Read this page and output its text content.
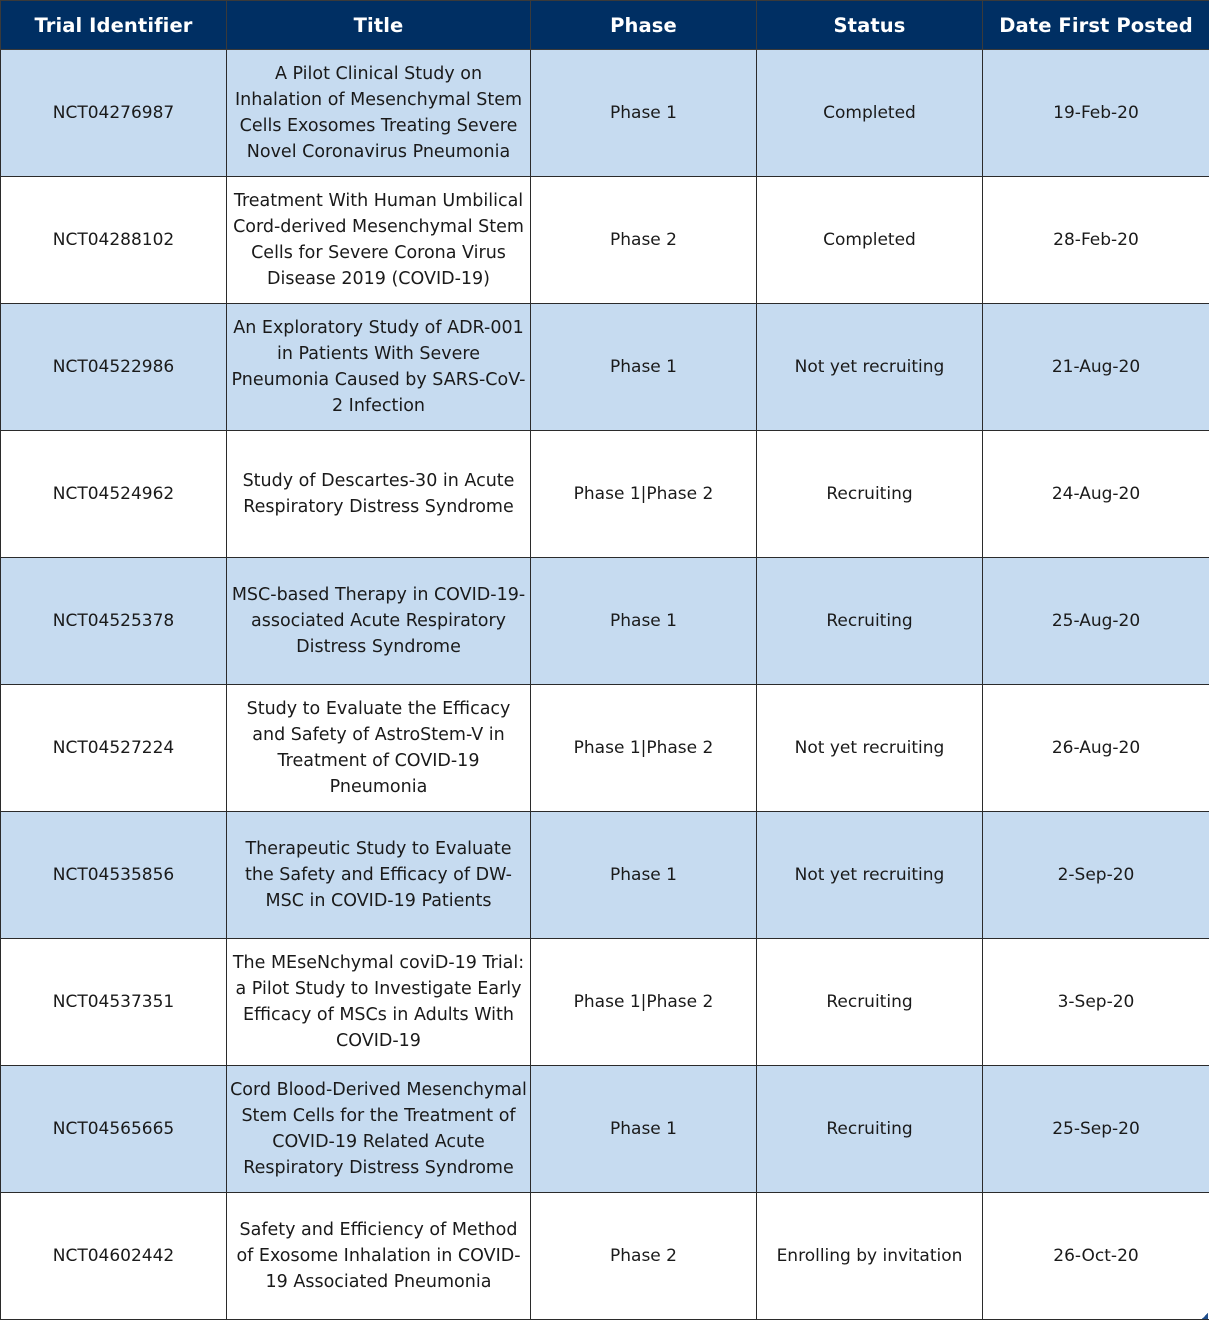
Trial Identifier	Title	Phase	Status	Date First Posted
NCT04276987	A Pilot Clinical Study on Inhalation of Mesenchymal Stem Cells Exosomes Treating Severe Novel Coronavirus Pneumonia	Phase 1	Completed	19-Feb-20
NCT04288102	Treatment With Human Umbilical Cord-derived Mesenchymal Stem Cells for Severe Corona Virus Disease 2019 (COVID-19)	Phase 2	Completed	28-Feb-20
NCT04522986	An Exploratory Study of ADR-001 in Patients With Severe Pneumonia Caused by SARS-CoV-2 Infection	Phase 1	Not yet recruiting	21-Aug-20
NCT04524962	Study of Descartes-30 in Acute Respiratory Distress Syndrome	Phase 1|Phase 2	Recruiting	24-Aug-20
NCT04525378	MSC-based Therapy in COVID-19-associated Acute Respiratory Distress Syndrome	Phase 1	Recruiting	25-Aug-20
NCT04527224	Study to Evaluate the Efficacy and Safety of AstroStem-V in Treatment of COVID-19 Pneumonia	Phase 1|Phase 2	Not yet recruiting	26-Aug-20
NCT04535856	Therapeutic Study to Evaluate the Safety and Efficacy of DW-MSC in COVID-19 Patients	Phase 1	Not yet recruiting	2-Sep-20
NCT04537351	The MEseNchymal coviD-19 Trial: a Pilot Study to Investigate Early Efficacy of MSCs in Adults With COVID-19	Phase 1|Phase 2	Recruiting	3-Sep-20
NCT04565665	Cord Blood-Derived Mesenchymal Stem Cells for the Treatment of COVID-19 Related Acute Respiratory Distress Syndrome	Phase 1	Recruiting	25-Sep-20
NCT04602442	Safety and Efficiency of Method of Exosome Inhalation in COVID-19 Associated Pneumonia	Phase 2	Enrolling by invitation	26-Oct-20
